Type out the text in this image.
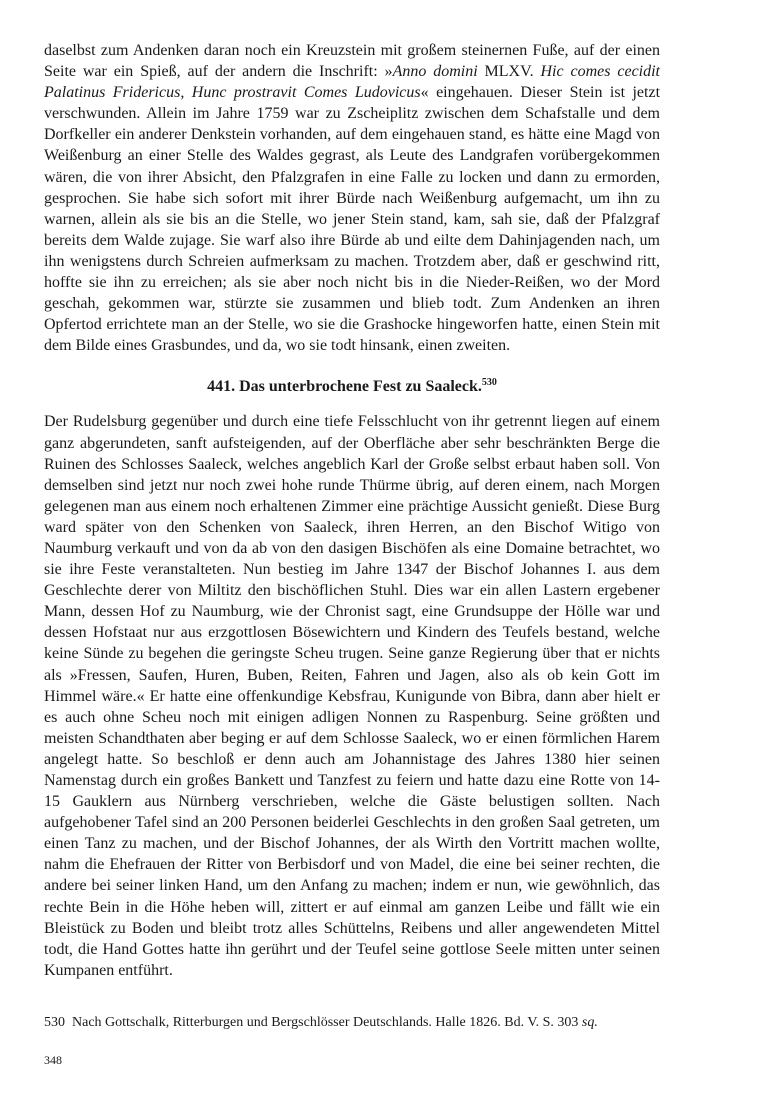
daselbst zum Andenken daran noch ein Kreuzstein mit großem steinernen Fuße, auf der einen Seite war ein Spieß, auf der andern die Inschrift: »Anno domini MLXV. Hic comes cecidit Palatinus Fridericus, Hunc prostravit Comes Ludovicus« eingehauen. Dieser Stein ist jetzt verschwunden. Allein im Jahre 1759 war zu Zscheiplitz zwischen dem Schafstalle und dem Dorfkeller ein anderer Denkstein vorhanden, auf dem eingehauen stand, es hätte eine Magd von Weißenburg an einer Stelle des Waldes gegrast, als Leute des Landgrafen vorübergekommen wären, die von ihrer Absicht, den Pfalzgrafen in eine Falle zu locken und dann zu ermorden, gesprochen. Sie habe sich sofort mit ihrer Bürde nach Weißenburg aufgemacht, um ihn zu warnen, allein als sie bis an die Stelle, wo jener Stein stand, kam, sah sie, daß der Pfalzgraf bereits dem Walde zujage. Sie warf also ihre Bürde ab und eilte dem Dahinjagenden nach, um ihn wenigstens durch Schreien aufmerksam zu machen. Trotzdem aber, daß er geschwind ritt, hoffte sie ihn zu erreichen; als sie aber noch nicht bis in die Nieder-Reißen, wo der Mord geschah, gekommen war, stürzte sie zusammen und blieb todt. Zum Andenken an ihren Opfertod errichtete man an der Stelle, wo sie die Grashocke hingeworfen hatte, einen Stein mit dem Bilde eines Grasbundes, und da, wo sie todt hinsank, einen zweiten.

441. Das unterbrochene Fest zu Saaleck.$^{530}$

Der Rudelsburg gegenüber und durch eine tiefe Felsschlucht von ihr getrennt liegen auf einem ganz abgerundeten, sanft aufsteigenden, auf der Oberfläche aber sehr beschränkten Berge die Ruinen des Schlosses Saaleck, welches angeblich Karl der Große selbst erbaut haben soll. Von demselben sind jetzt nur noch zwei hohe runde Thürme übrig, auf deren einem, nach Morgen gelegenen man aus einem noch erhaltenen Zimmer eine prächtige Aussicht genießt. Diese Burg ward später von den Schenken von Saaleck, ihren Herren, an den Bischof Witigo von Naumburg verkauft und von da ab von den dasigen Bischöfen als eine Domaine betrachtet, wo sie ihre Feste veranstalteten. Nun bestieg im Jahre 1347 der Bischof Johannes I. aus dem Geschlechte derer von Miltitz den bischöflichen Stuhl. Dies war ein allen Lastern ergebener Mann, dessen Hof zu Naumburg, wie der Chronist sagt, eine Grundsuppe der Hölle war und dessen Hofstaat nur aus erzgottlosen Bösewichtern und Kindern des Teufels bestand, welche keine Sünde zu begehen die geringste Scheu trugen. Seine ganze Regierung über that er nichts als »Fressen, Saufen, Huren, Buben, Reiten, Fahren und Jagen, also als ob kein Gott im Himmel wäre.« Er hatte eine offenkundige Kebsfrau, Kunigunde von Bibra, dann aber hielt er es auch ohne Scheu noch mit einigen adligen Nonnen zu Raspenburg. Seine größten und meisten Schandthaten aber beging er auf dem Schlosse Saaleck, wo er einen förmlichen Harem angelegt hatte. So beschloß er denn auch am Johannistage des Jahres 1380 hier seinen Namenstag durch ein großes Bankett und Tanzfest zu feiern und hatte dazu eine Rotte von 14-15 Gauklern aus Nürnberg verschrieben, welche die Gäste belustigen sollten. Nach aufgehobener Tafel sind an 200 Personen beiderlei Geschlechts in den großen Saal getreten, um einen Tanz zu machen, und der Bischof Johannes, der als Wirth den Vortritt machen wollte, nahm die Ehefrauen der Ritter von Berbisdorf und von Madel, die eine bei seiner rechten, die andere bei seiner linken Hand, um den Anfang zu machen; indem er nun, wie gewöhnlich, das rechte Bein in die Höhe heben will, zittert er auf einmal am ganzen Leibe und fällt wie ein Bleistück zu Boden und bleibt trotz alles Schüttelns, Reibens und aller angewendeten Mittel todt, die Hand Gottes hatte ihn gerührt und der Teufel seine gottlose Seele mitten unter seinen Kumpanen entführt.

530 Nach Gottschalk, Ritterburgen und Bergschlösser Deutschlands. Halle 1826. Bd. V. S. 303 sq.
348
